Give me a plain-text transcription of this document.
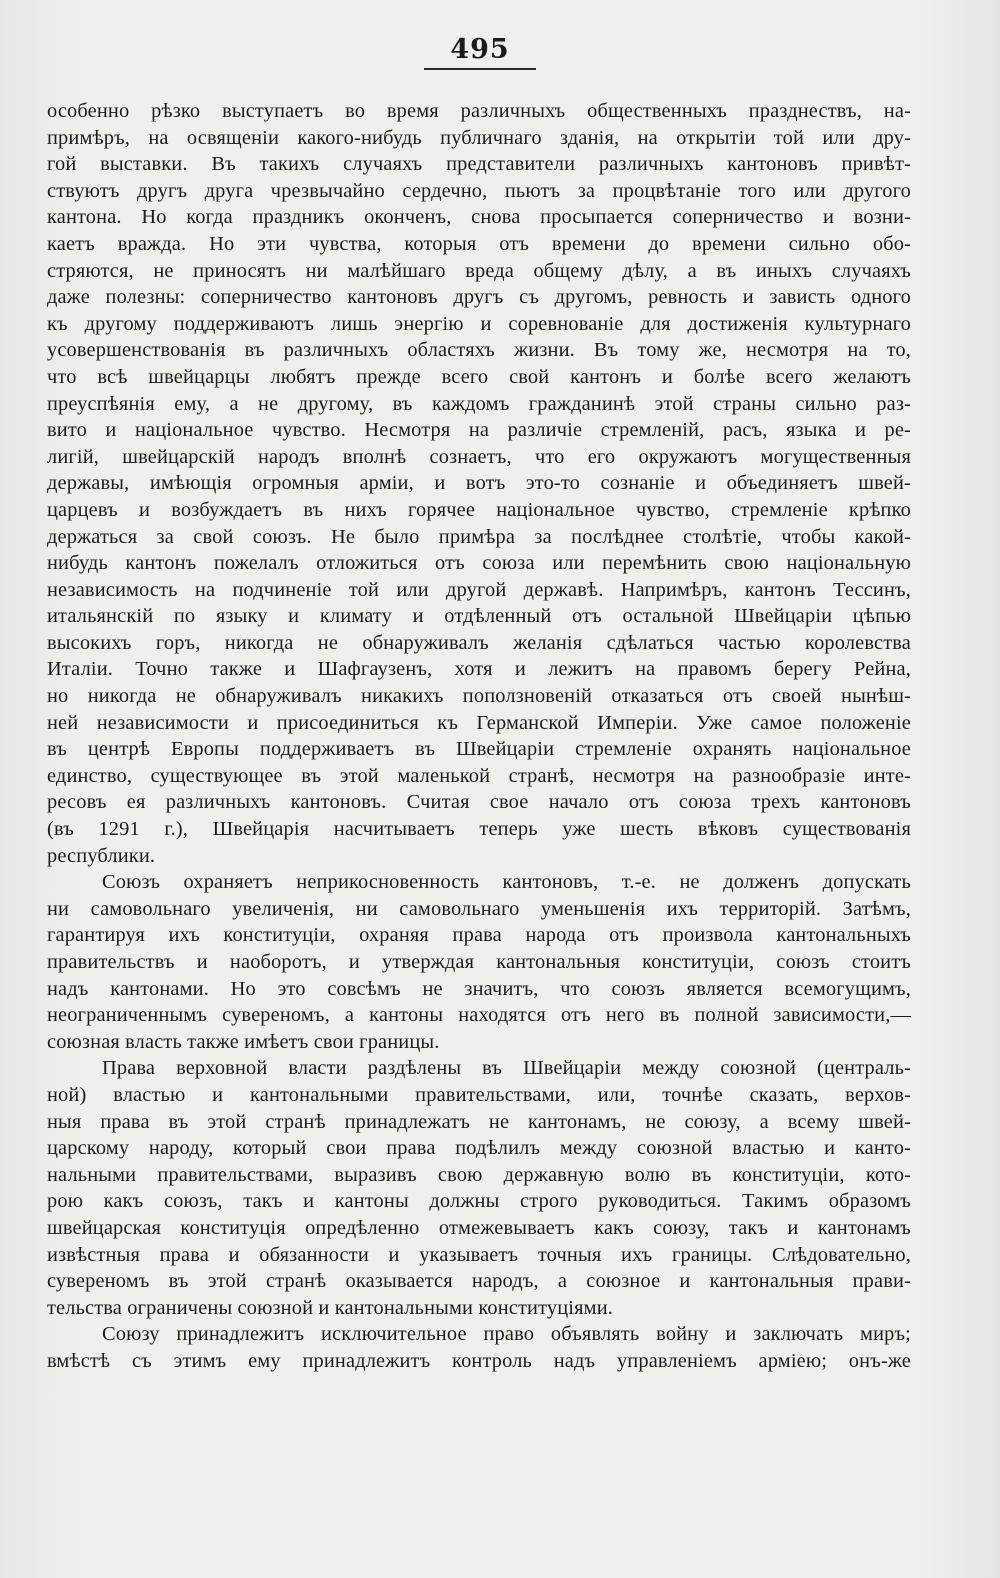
495
особенно рѣзко выступаетъ во время различныхъ общественныхъ празднествъ, на-
примѣръ, на освященіи какого-нибудь публичнаго зданія, на открытіи той или дру-
гой выставки. Въ такихъ случаяхъ представители различныхъ кантоновъ привѣт-
ствуютъ другъ друга чрезвычайно сердечно, пьютъ за процвѣтаніе того или другого
кантона. Но когда праздникъ оконченъ, снова просыпается соперничество и возни-
каетъ вражда. Но эти чувства, которыя отъ времени до времени сильно обо-
стряются, не приносятъ ни малѣйшаго вреда общему дѣлу, а въ иныхъ случаяхъ
даже полезны: соперничество кантоновъ другъ съ другомъ, ревность и зависть одного
къ другому поддерживаютъ лишь энергію и соревнованіе для достиженія культурнаго
усовершенствованія въ различныхъ областяхъ жизни. Въ тому же, несмотря на то,
что всѣ швейцарцы любятъ прежде всего свой кантонъ и болѣе всего желаютъ
преуспѣянія ему, а не другому, въ каждомъ гражданинѣ этой страны сильно раз-
вито и національное чувство. Несмотря на различіе стремленій, расъ, языка и ре-
лигій, швейцарскій народъ вполнѣ сознаетъ, что его окружаютъ могущественныя
державы, имѣющія огромныя арміи, и вотъ это-то сознаніе и объединяетъ швей-
царцевъ и возбуждаетъ въ нихъ горячее національное чувство, стремленіе крѣпко
держаться за свой союзъ. Не было примѣра за послѣднее столѣтіе, чтобы какой-
нибудь кантонъ пожелалъ отложиться отъ союза или перемѣнить свою національную
независимость на подчиненіе той или другой державѣ. Напримѣръ, кантонъ Тессинъ,
итальянскій по языку и климату и отдѣленный отъ остальной Швейцаріи цѣпью
высокихъ горъ, никогда не обнаруживалъ желанія сдѣлаться частью королевства
Италіи. Точно также и Шафгаузенъ, хотя и лежитъ на правомъ берегу Рейна,
но никогда не обнаруживалъ никакихъ поползновеній отказаться отъ своей нынѣш-
ней независимости и присоединиться къ Германской Имперіи. Уже самое положеніе
въ центрѣ Европы поддерживаетъ въ Швейцаріи стремленіе охранять національное
единство, существующее въ этой маленькой странѣ, несмотря на разнообразіе инте-
ресовъ ея различныхъ кантоновъ. Считая свое начало отъ союза трехъ кантоновъ
(въ 1291 г.), Швейцарія насчитываетъ теперь уже шесть вѣковъ существованія
республики.
Союзъ охраняетъ неприкосновенность кантоновъ, т.-е. не долженъ допускать
ни самовольнаго увеличенія, ни самовольнаго уменьшенія ихъ территорій. Затѣмъ,
гарантируя ихъ конституціи, охраняя права народа отъ произвола кантональныхъ
правительствъ и наоборотъ, и утверждая кантональныя конституціи, союзъ стоитъ
надъ кантонами. Но это совсѣмъ не значитъ, что союзъ является всемогущимъ,
неограниченнымъ сувереномъ, а кантоны находятся отъ него въ полной зависимости,—
союзная власть также имѣетъ свои границы.
Права верховной власти раздѣлены въ Швейцаріи между союзной (централь-
ной) властью и кантональными правительствами, или, точнѣе сказать, верхов-
ныя права въ этой странѣ принадлежатъ не кантонамъ, не союзу, а всему швей-
царскому народу, который свои права подѣлилъ между союзной властью и канто-
нальными правительствами, выразивъ свою державную волю въ конституціи, кото-
рою какъ союзъ, такъ и кантоны должны строго руководиться. Такимъ образомъ
швейцарская конституція опредѣленно отмежевываетъ какъ союзу, такъ и кантонамъ
извѣстныя права и обязанности и указываетъ точныя ихъ границы. Слѣдовательно,
сувереномъ въ этой странѣ оказывается народъ, а союзное и кантональныя прави-
тельства ограничены союзной и кантональными конституціями.
Союзу принадлежитъ исключительное право объявлять войну и заключать миръ;
вмѣстѣ съ этимъ ему принадлежитъ контроль надъ управленіемъ арміею; онъ-же
